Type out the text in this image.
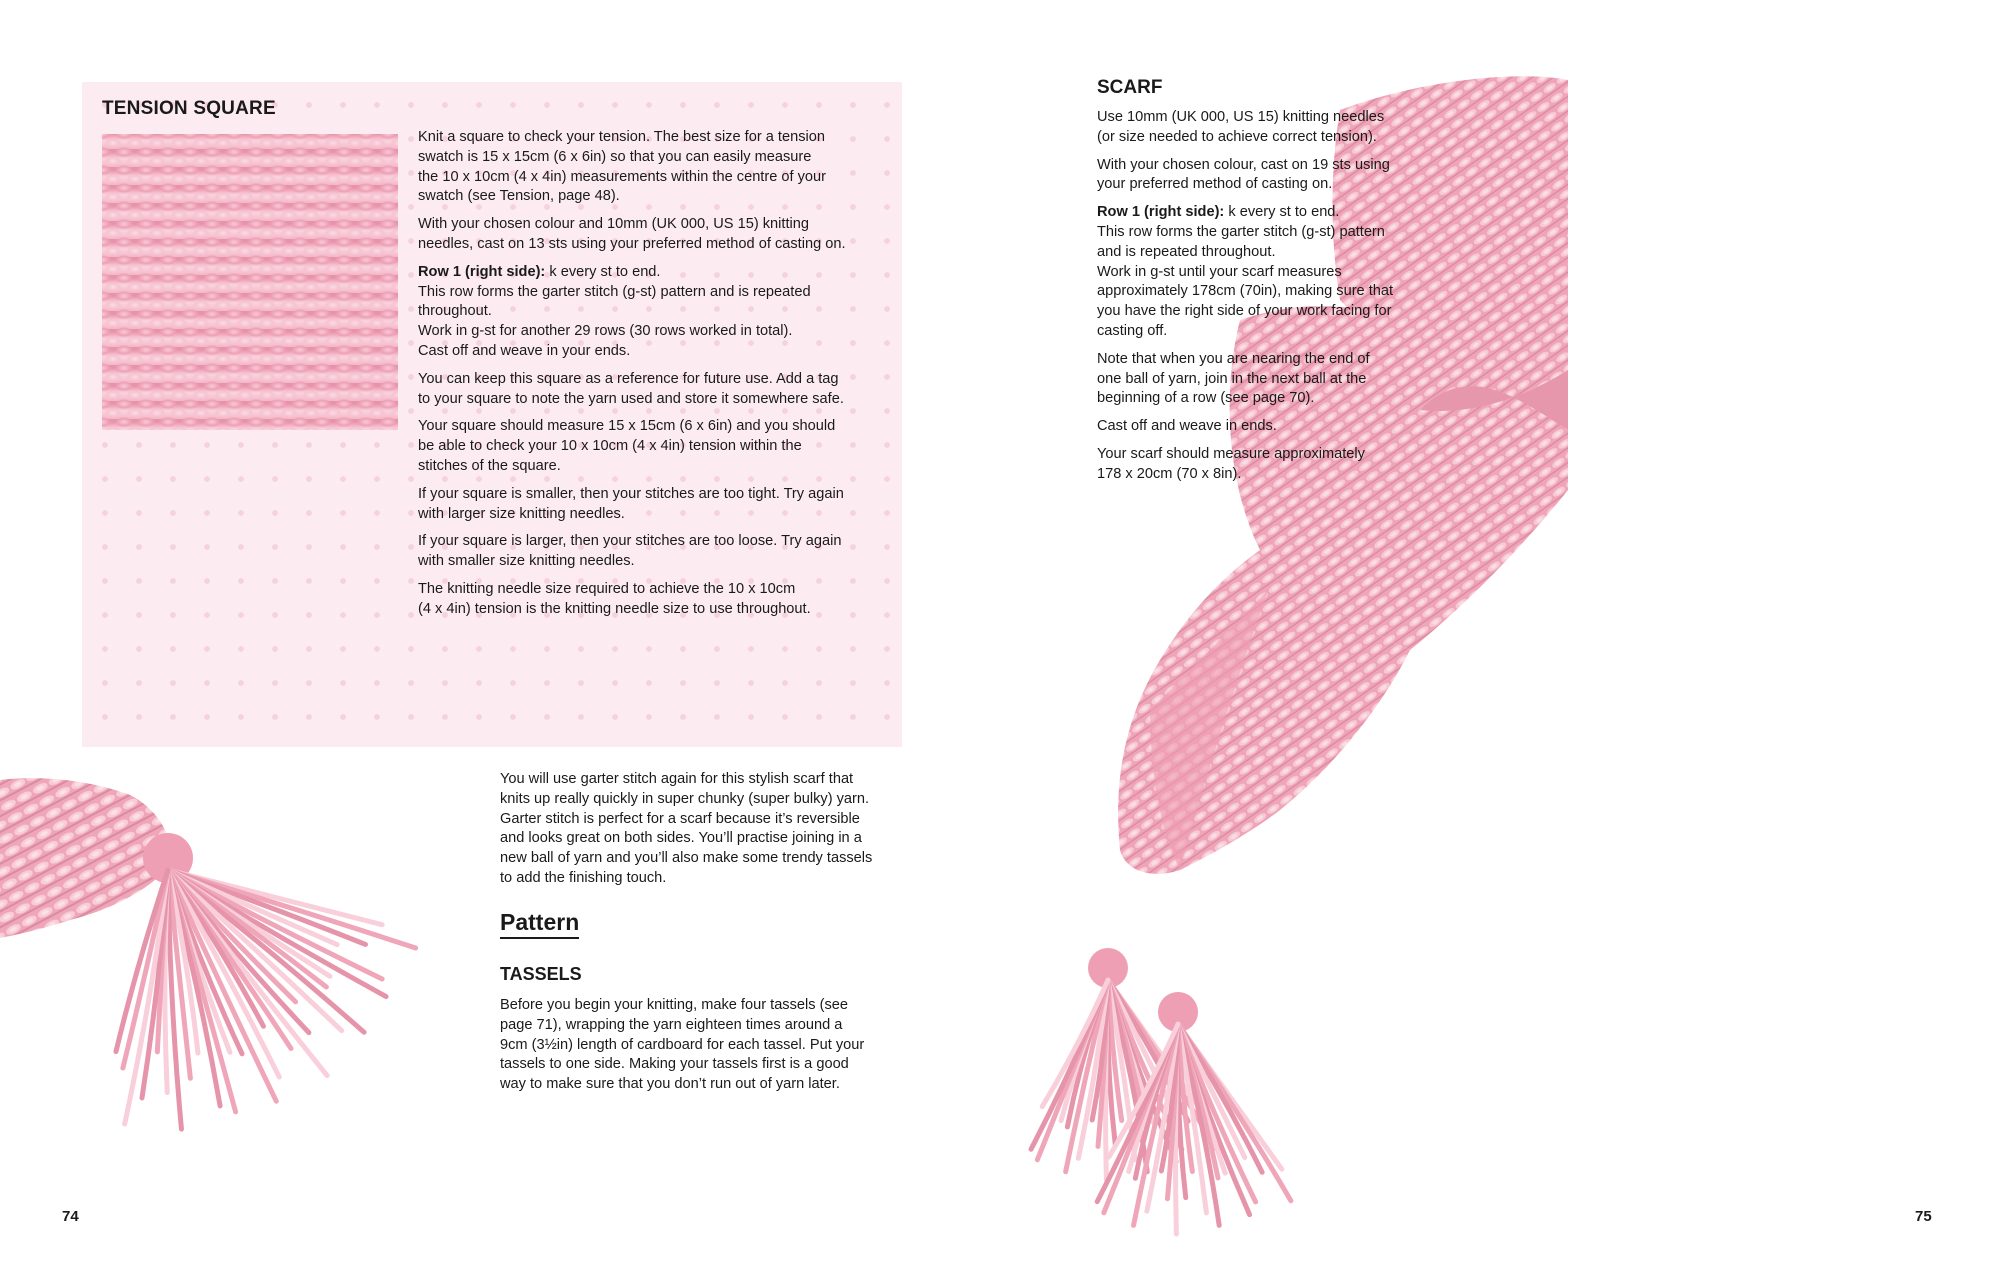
TENSION SQUARE

Knit a square to check your tension. The best size for a tension
swatch is 15 x 15cm (6 x 6in) so that you can easily measure
the 10 x 10cm (4 x 4in) measurements within the centre of your
swatch (see Tension, page 48).

With your chosen colour and 10mm (UK 000, US 15) knitting
needles, cast on 13 sts using your preferred method of casting on.

Row 1 (right side): k every st to end.
This row forms the garter stitch (g-st) pattern and is repeated
throughout.
Work in g-st for another 29 rows (30 rows worked in total).
Cast off and weave in your ends.

You can keep this square as a reference for future use. Add a tag
to your square to note the yarn used and store it somewhere safe.

Your square should measure 15 x 15cm (6 x 6in) and you should
be able to check your 10 x 10cm (4 x 4in) tension within the
stitches of the square.

If your square is smaller, then your stitches are too tight. Try again
with larger size knitting needles.

If your square is larger, then your stitches are too loose. Try again
with smaller size knitting needles.

The knitting needle size required to achieve the 10 x 10cm
(4 x 4in) tension is the knitting needle size to use throughout.

You will use garter stitch again for this stylish scarf that
knits up really quickly in super chunky (super bulky) yarn.
Garter stitch is perfect for a scarf because it’s reversible
and looks great on both sides. You’ll practise joining in a
new ball of yarn and you’ll also make some trendy tassels
to add the finishing touch.

Pattern
TASSELS

Before you begin your knitting, make four tassels (see
page 71), wrapping the yarn eighteen times around a
9cm (3½in) length of cardboard for each tassel. Put your
tassels to one side. Making your tassels first is a good
way to make sure that you don’t run out of yarn later.

74

SCARF

Use 10mm (UK 000, US 15) knitting needles
(or size needed to achieve correct tension).

With your chosen colour, cast on 19 sts using
your preferred method of casting on.

Row 1 (right side): k every st to end.
This row forms the garter stitch (g-st) pattern
and is repeated throughout.
Work in g-st until your scarf measures
approximately 178cm (70in), making sure that
you have the right side of your work facing for
casting off.

Note that when you are nearing the end of
one ball of yarn, join in the next ball at the
beginning of a row (see page 70).

Cast off and weave in ends.

Your scarf should measure approximately
178 x 20cm (70 x 8in).

75
